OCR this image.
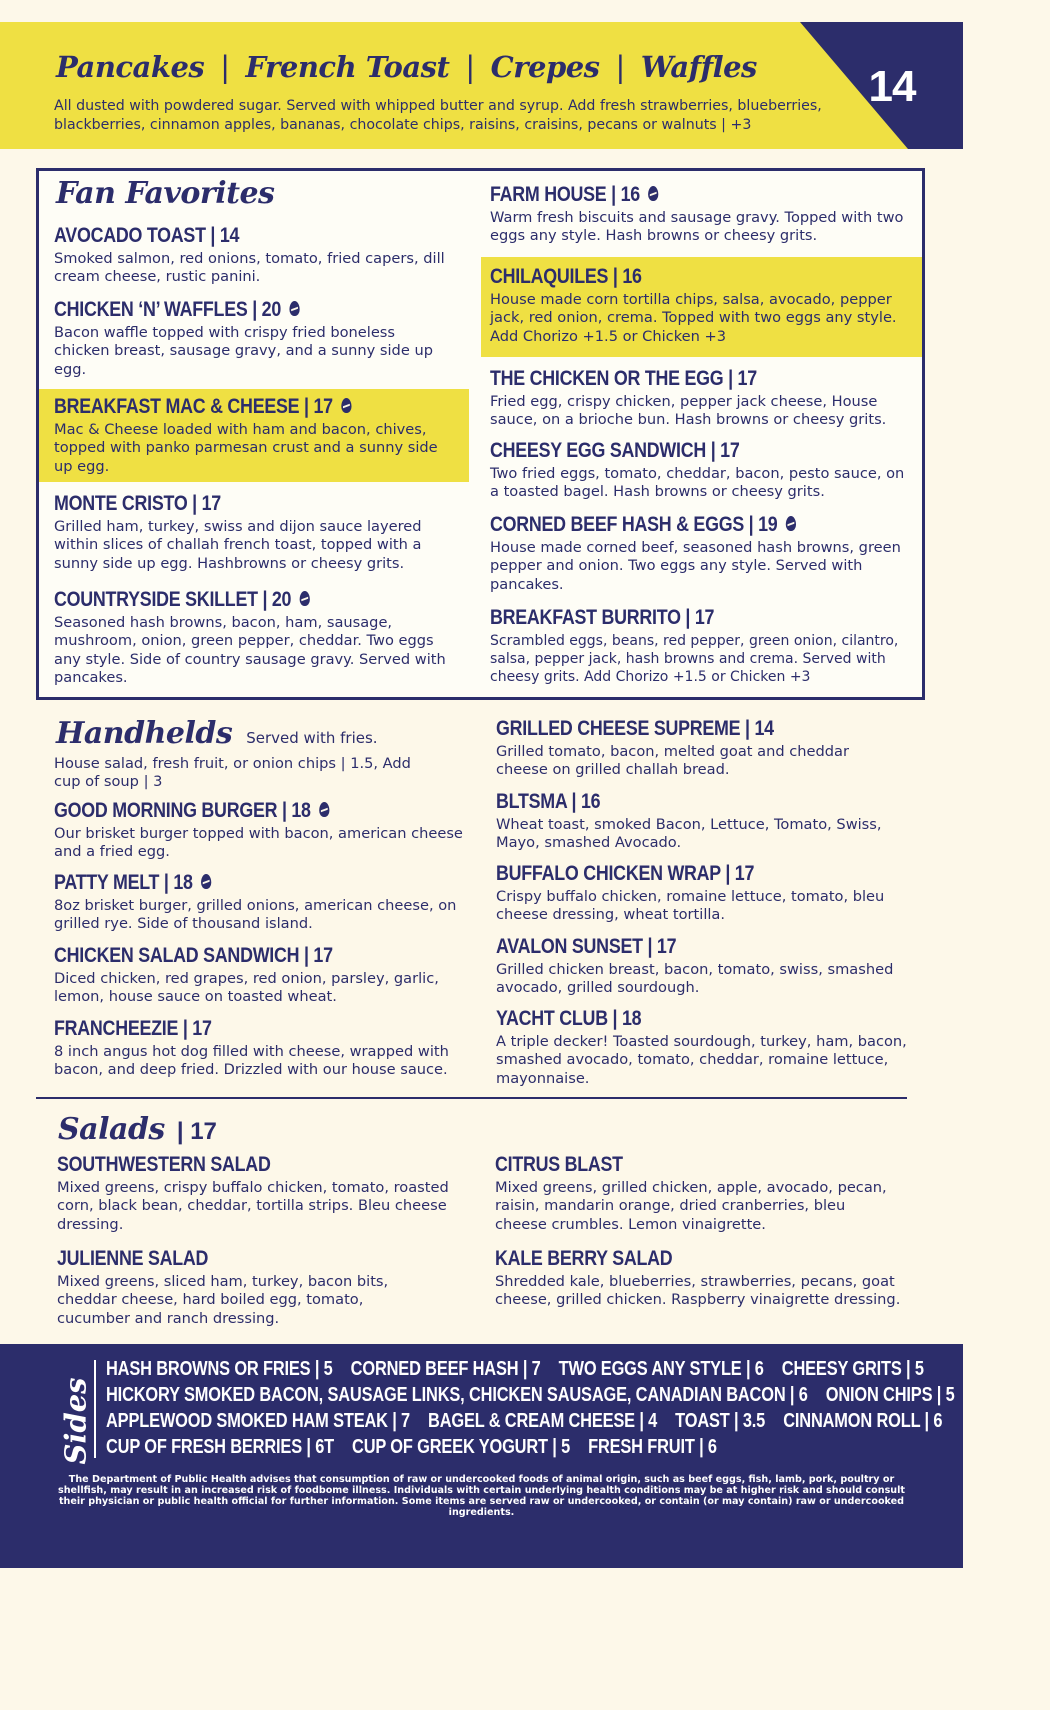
Pancakes | French Toast | Crepes | Waffles	14
All dusted with powdered sugar. Served with whipped butter and syrup. Add fresh strawberries, blueberries, blackberries, cinnamon apples, bananas, chocolate chips, raisins, craisins, pecans or walnuts | +3
Fan Favorites
AVOCADO TOAST | 14
Smoked salmon, red onions, tomato, fried capers, dill cream cheese, rustic panini.
CHICKEN ‘N’ WAFFLES | 20
Bacon waffle topped with crispy fried boneless chicken breast, sausage gravy, and a sunny side up egg.
BREAKFAST MAC & CHEESE | 17
Mac & Cheese loaded with ham and bacon, chives, topped with panko parmesan crust and a sunny side up egg.
MONTE CRISTO | 17
Grilled ham, turkey, swiss and dijon sauce layered within slices of challah french toast, topped with a sunny side up egg. Hashbrowns or cheesy grits.
COUNTRYSIDE SKILLET | 20
Seasoned hash browns, bacon, ham, sausage, mushroom, onion, green pepper, cheddar. Two eggs any style. Side of country sausage gravy. Served with pancakes.
FARM HOUSE | 16
Warm fresh biscuits and sausage gravy. Topped with two eggs any style. Hash browns or cheesy grits.
CHILAQUILES | 16
House made corn tortilla chips, salsa, avocado, pepper jack, red onion, crema. Topped with two eggs any style. Add Chorizo +1.5 or Chicken +3
THE CHICKEN OR THE EGG | 17
Fried egg, crispy chicken, pepper jack cheese, House sauce, on a brioche bun. Hash browns or cheesy grits.
CHEESY EGG SANDWICH | 17
Two fried eggs, tomato, cheddar, bacon, pesto sauce, on a toasted bagel. Hash browns or cheesy grits.
CORNED BEEF HASH & EGGS | 19
House made corned beef, seasoned hash browns, green pepper and onion. Two eggs any style. Served with pancakes.
BREAKFAST BURRITO | 17
Scrambled eggs, beans, red pepper, green onion, cilantro, salsa, pepper jack, hash browns and crema. Served with cheesy grits. Add Chorizo +1.5 or Chicken +3
Handhelds Served with fries.
House salad, fresh fruit, or onion chips | 1.5, Add cup of soup | 3
GOOD MORNING BURGER | 18
Our brisket burger topped with bacon, american cheese and a fried egg.
PATTY MELT | 18
8oz brisket burger, grilled onions, american cheese, on grilled rye. Side of thousand island.
CHICKEN SALAD SANDWICH | 17
Diced chicken, red grapes, red onion, parsley, garlic, lemon, house sauce on toasted wheat.
FRANCHEEZIE | 17
8 inch angus hot dog filled with cheese, wrapped with bacon, and deep fried. Drizzled with our house sauce.
GRILLED CHEESE SUPREME | 14
Grilled tomato, bacon, melted goat and cheddar cheese on grilled challah bread.
BLTSMA | 16
Wheat toast, smoked Bacon, Lettuce, Tomato, Swiss, Mayo, smashed Avocado.
BUFFALO CHICKEN WRAP | 17
Crispy buffalo chicken, romaine lettuce, tomato, bleu cheese dressing, wheat tortilla.
AVALON SUNSET | 17
Grilled chicken breast, bacon, tomato, swiss, smashed avocado, grilled sourdough.
YACHT CLUB | 18
A triple decker! Toasted sourdough, turkey, ham, bacon, smashed avocado, tomato, cheddar, romaine lettuce, mayonnaise.
Salads | 17
SOUTHWESTERN SALAD
Mixed greens, crispy buffalo chicken, tomato, roasted corn, black bean, cheddar, tortilla strips. Bleu cheese dressing.
JULIENNE SALAD
Mixed greens, sliced ham, turkey, bacon bits, cheddar cheese, hard boiled egg, tomato, cucumber and ranch dressing.
CITRUS BLAST
Mixed greens, grilled chicken, apple, avocado, pecan, raisin, mandarin orange, dried cranberries, bleu cheese crumbles. Lemon vinaigrette.
KALE BERRY SALAD
Shredded kale, blueberries, strawberries, pecans, goat cheese, grilled chicken. Raspberry vinaigrette dressing.
Sides
HASH BROWNS OR FRIES | 5 CORNED BEEF HASH | 7 TWO EGGS ANY STYLE | 6 CHEESY GRITS | 5
HICKORY SMOKED BACON, SAUSAGE LINKS, CHICKEN SAUSAGE, CANADIAN BACON | 6 ONION CHIPS | 5
APPLEWOOD SMOKED HAM STEAK | 7 BAGEL & CREAM CHEESE | 4 TOAST | 3.5 CINNAMON ROLL | 6
CUP OF FRESH BERRIES | 6T CUP OF GREEK YOGURT | 5 FRESH FRUIT | 6
The Department of Public Health advises that consumption of raw or undercooked foods of animal origin, such as beef eggs, fish, lamb, pork, poultry or shellfish, may result in an increased risk of foodbome illness. Individuals with certain underlying health conditions may be at higher risk and should consult their physician or public health official for further information. Some items are served raw or undercooked, or contain (or may contain) raw or undercooked ingredients.
